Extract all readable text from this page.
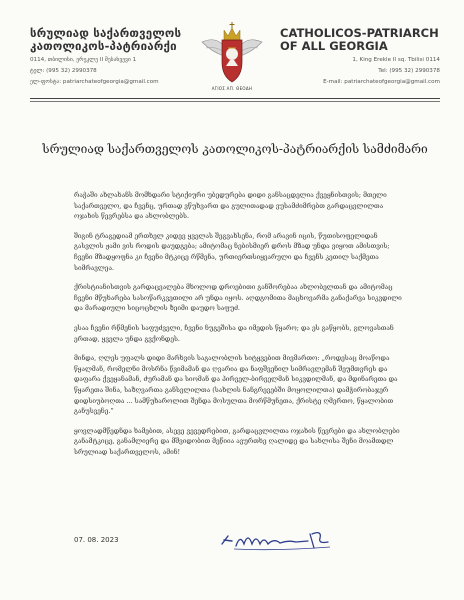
სრულიად საქართველოს
კათოლიკოს-პატრიარქი
0114, თბილისი, ერეკლე II შესახვევი 1
ტელ: (995 32) 2990378
ელ-ფოსტა: patriarchateofgeorgia@gmail.com
ΑΓΙΟΣ ΑΠ. ΘΕΟΔΗ
CATHOLICOS-PATRIARCH
OF ALL GEORGIA
1, King Erekle II sq. Tbilisi 0114
Tel: (995 32) 2990378
E-mail: patriarchateofgeorgia@gmail.com
სრულიად საქართველოს კათოლიკოს-პატრიარქის სამძიმარი

რაჭაში ახლახანს მომხდარი სტიქიური უბედურება დიდი განსაცდელია ქვეყნისთვის; მთელი საქართველო, და ჩვენც, ურთად ვწუხვართ და გულითადად ვუსამძიმრებთ გარდაცვლილთა ოჯახის წევრებსა და ახლობლებს.

შიგინ ტრაგედიამ ერთხელ კიდევ ყველას შეგვახსენა, რომ არავინ იცის, წუთისოფელიდან გასვლის ჟამი ვის როდის დაუდგება; ამიტომაც ნებისმიერ დროს მზად უნდა ვიყოთ ამისთვის; ჩვენი მზადყოფნა კი ჩვენი მტკიცე რწმენა, ურთიერთსიყვარული და ჩვენს კეთილ საქმეთა სიმრავლეა.

ქრისტიანისთვის გარდაცვალება მხოლოდ დროებითი განშორებაა ახლობელთან და ამიტომაც ჩვენი მწუხარება სასოწარკვეთილი არ უნდა იყოს. აღდგომითა მაცხოვარმა განაქარვა სიკვდილი და მარადიული სიცოცხლის ზეიმი დაუდო საფუძ.

ესაა ჩვენი რწმენის საფუძველი, ჩვენი ნუგეშისა და იმედის წყარო; და ეს გაწყობს, გლოვასთან ერთად, ყველა უნდა გვქონდეს.

მინდა, ღლეს უფალს დიდი მარხვის საგალობლის სიტყვებით მივმართო: „როდესაც მოაწოდა წყალმან, რომელნი მოსრნა წვიმამან და ღვარია და ნაფშვენილ სიმრავლემან შეუმთვრეს და დაფარა ქვეყანამან, ძურამან და სიომან და პირველ-ბირველმან სიკვდილმან, და მდინარეთა და წყარეთა შინა, საზღვართა განსვლილთა (სახლის ნანგრევებში მოყოლილთა) დამჭირობაჯერ დიდსიუბოღთა ... სამწუხაროლით შენდა მოსულთა მორწმუნეთა, ქრისტე ღმერთო, წყალობით განუსვენე.”

ყოვლადმწედნდა ხამებით, ასევე ვევედრებით, გარდაცვლილთა ოჯახის წევრები და ახლობლები განამტკიცე, განამლიერე და მშვიდობით მეწიია ავურთხე ღალიდე და სახლისა შენი მოამთდლ სრულიად საქართველოს, ამინ!

07. 08. 2023
